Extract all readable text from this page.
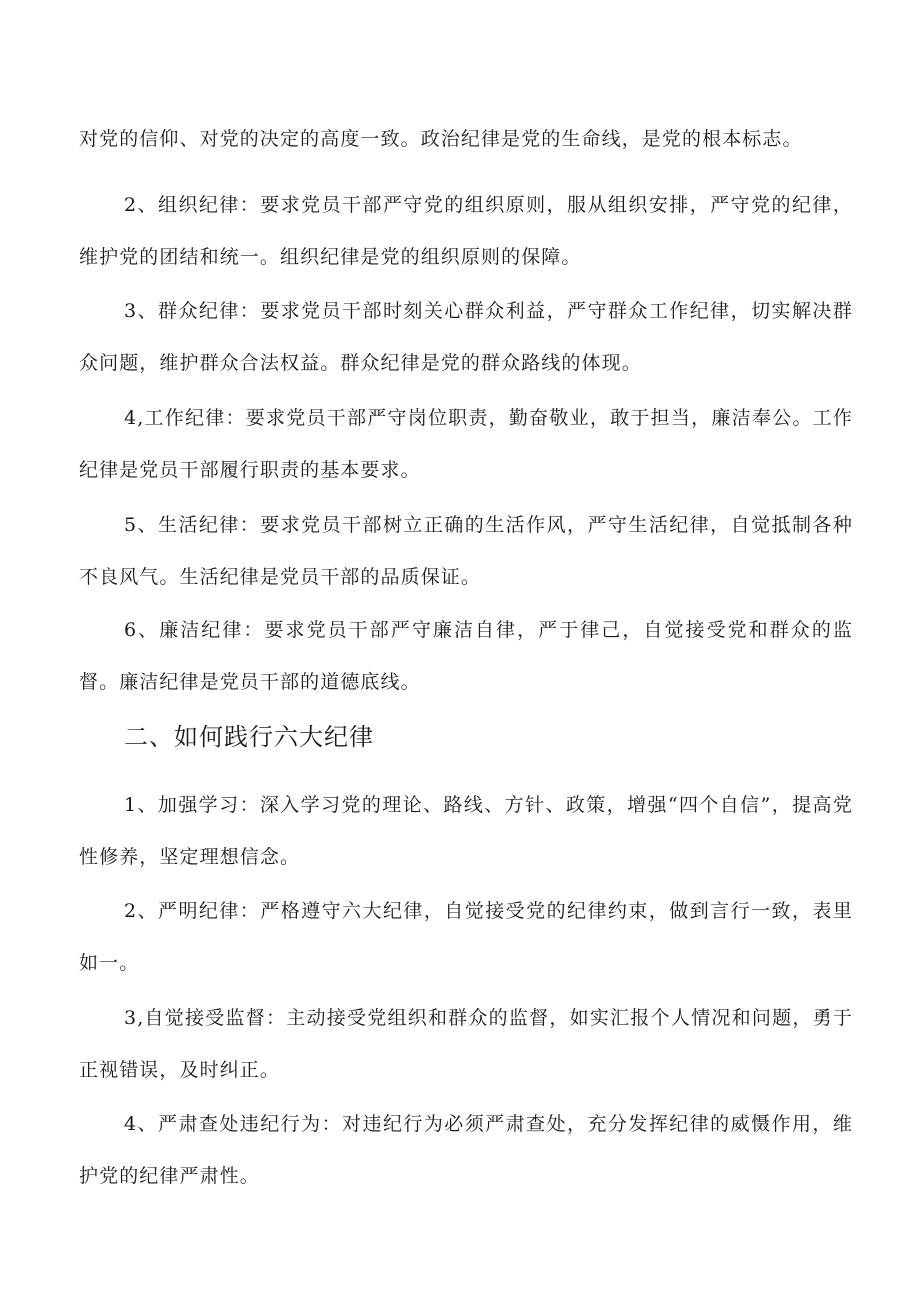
对党的信仰、对党的决定的高度一致。政治纪律是党的生命线，是党的根本标志。

2、组织纪律：要求党员干部严守党的组织原则，服从组织安排，严守党的纪律，维护党的团结和统一。组织纪律是党的组织原则的保障。

3、群众纪律：要求党员干部时刻关心群众利益，严守群众工作纪律，切实解决群众问题，维护群众合法权益。群众纪律是党的群众路线的体现。

4,工作纪律：要求党员干部严守岗位职责，勤奋敬业，敢于担当，廉洁奉公。工作纪律是党员干部履行职责的基本要求。

5、生活纪律：要求党员干部树立正确的生活作风，严守生活纪律，自觉抵制各种不良风气。生活纪律是党员干部的品质保证。

6、廉洁纪律：要求党员干部严守廉洁自律，严于律己，自觉接受党和群众的监督。廉洁纪律是党员干部的道德底线。

二、如何践行六大纪律

1、加强学习：深入学习党的理论、路线、方针、政策，增强“四个自信”，提高党性修养，坚定理想信念。

2、严明纪律：严格遵守六大纪律，自觉接受党的纪律约束，做到言行一致，表里如一。

3,自觉接受监督：主动接受党组织和群众的监督，如实汇报个人情况和问题，勇于正视错误，及时纠正。

4、严肃查处违纪行为：对违纪行为必须严肃查处，充分发挥纪律的威慑作用，维护党的纪律严肃性。
